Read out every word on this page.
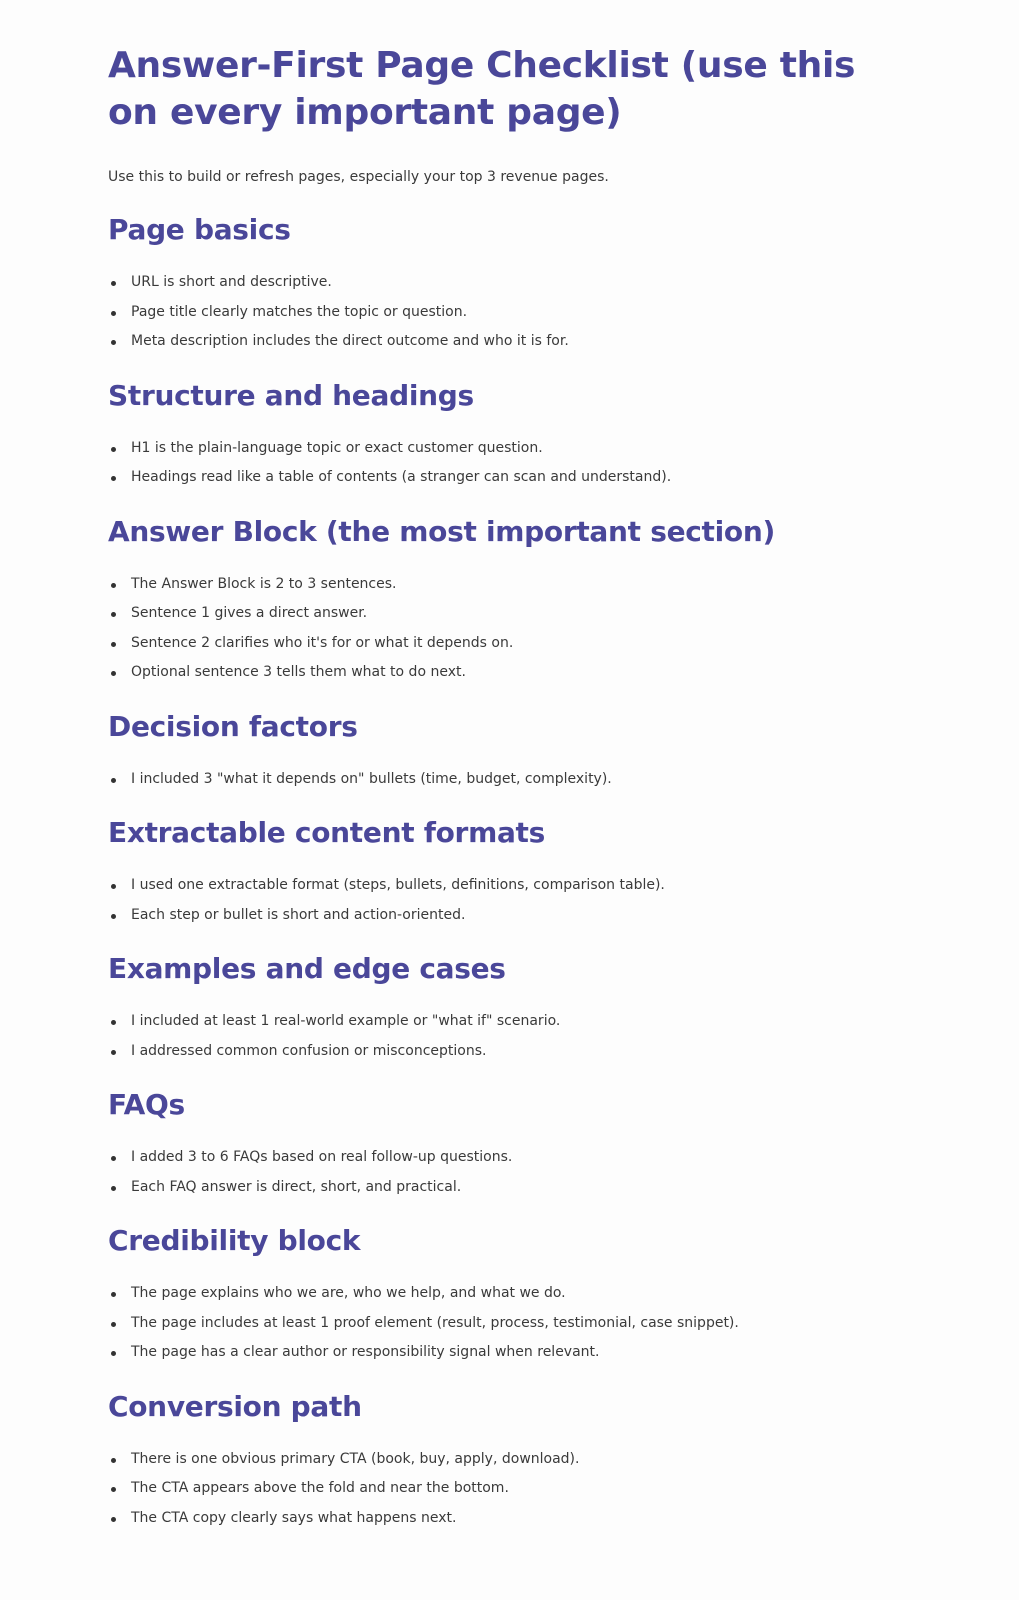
Answer-First Page Checklist (use this on every important page)

Use this to build or refresh pages, especially your top 3 revenue pages.

Page basics
URL is short and descriptive.
Page title clearly matches the topic or question.
Meta description includes the direct outcome and who it is for.
Structure and headings
H1 is the plain-language topic or exact customer question.
Headings read like a table of contents (a stranger can scan and understand).
Answer Block (the most important section)
The Answer Block is 2 to 3 sentences.
Sentence 1 gives a direct answer.
Sentence 2 clarifies who it's for or what it depends on.
Optional sentence 3 tells them what to do next.
Decision factors
I included 3 "what it depends on" bullets (time, budget, complexity).
Extractable content formats
I used one extractable format (steps, bullets, definitions, comparison table).
Each step or bullet is short and action-oriented.
Examples and edge cases
I included at least 1 real-world example or "what if" scenario.
I addressed common confusion or misconceptions.
FAQs
I added 3 to 6 FAQs based on real follow-up questions.
Each FAQ answer is direct, short, and practical.
Credibility block
The page explains who we are, who we help, and what we do.
The page includes at least 1 proof element (result, process, testimonial, case snippet).
The page has a clear author or responsibility signal when relevant.
Conversion path
There is one obvious primary CTA (book, buy, apply, download).
The CTA appears above the fold and near the bottom.
The CTA copy clearly says what happens next.
